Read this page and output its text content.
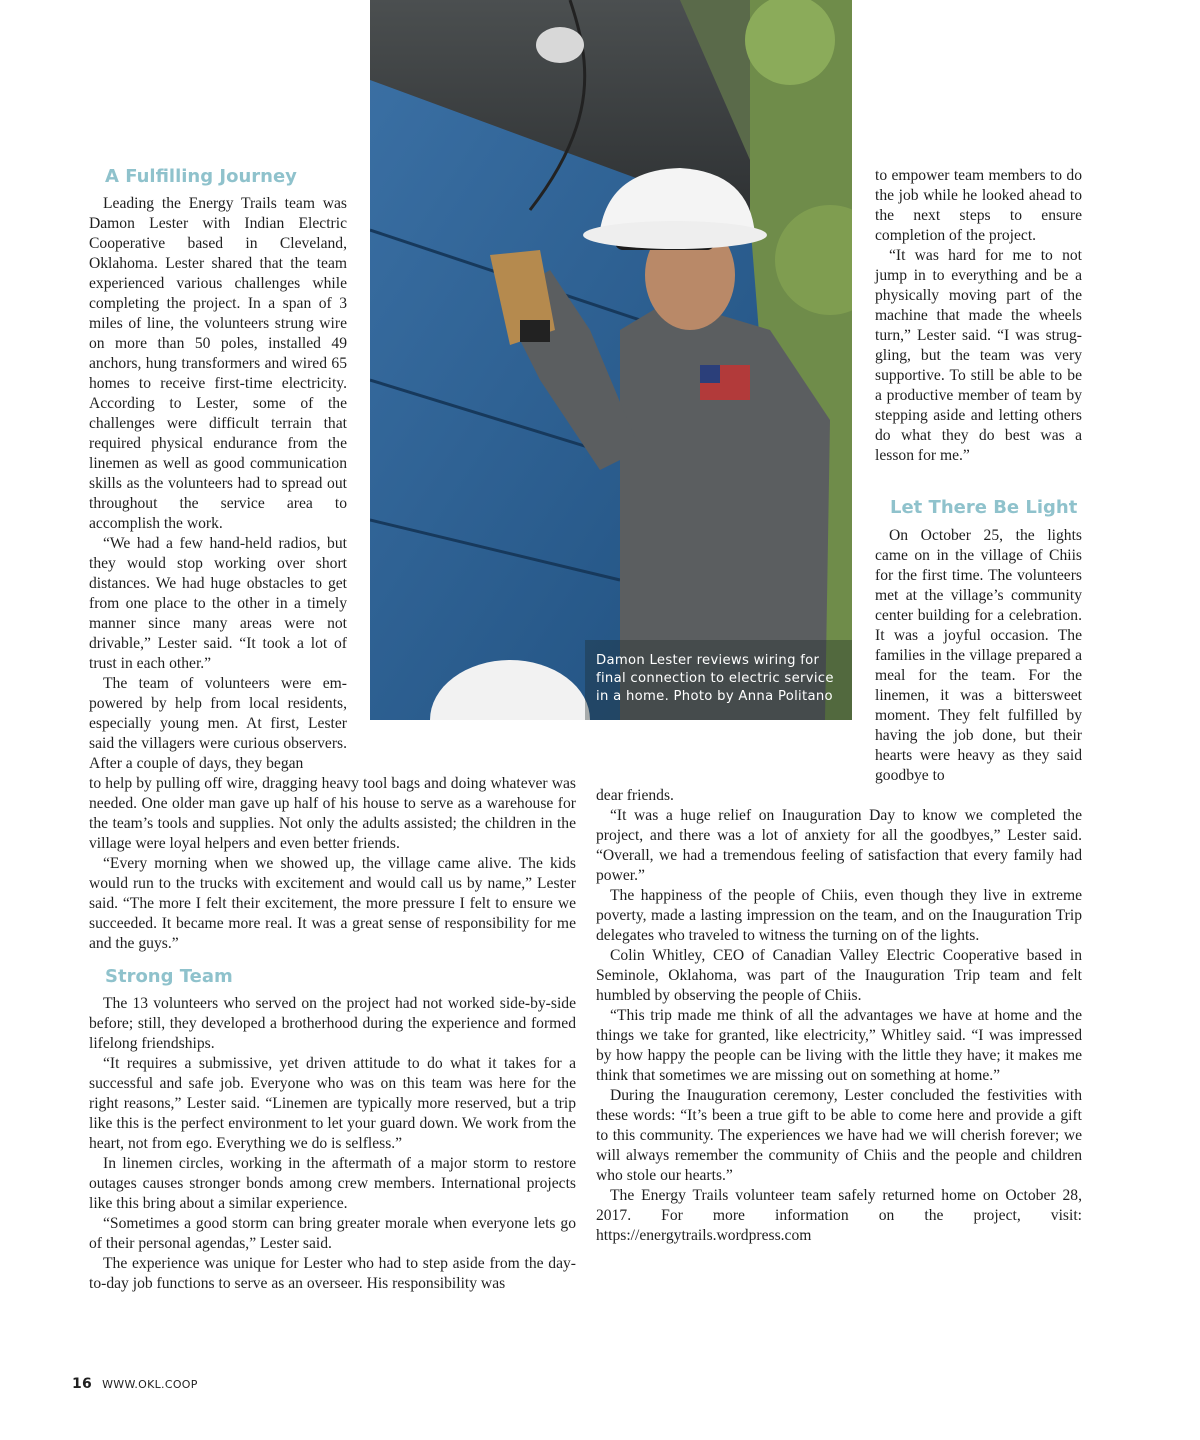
Damon Lester reviews wiring for final connection to electric service in a home. Photo by Anna Politano
A Fulfilling Journey

Leading the Energy Trails team was Damon Lester with Indian Electric Cooperative based in Cleveland, Oklahoma. Lester shared that the team experienced various challenges while completing the project. In a span of 3 miles of line, the volunteers strung wire on more than 50 poles, installed 49 anchors, hung transformers and wired 65 homes to receive first-time electricity. According to Lester, some of the challenges were difficult terrain that required physical endurance from the linemen as well as good communication skills as the volunteers had to spread out throughout the service area to accomplish the work.

“We had a few hand-held radios, but they would stop working over short distances. We had huge obstacles to get from one place to the other in a timely manner since many areas were not drivable,” Lester said. “It took a lot of trust in each other.”

The team of volunteers were empowered by help from local residents, especially young men. At first, Lester said the villagers were curious observers. After a couple of days, they began

to help by pulling off wire, dragging heavy tool bags and doing whatever was needed. One older man gave up half of his house to serve as a warehouse for the team’s tools and supplies. Not only the adults assisted; the children in the village were loyal helpers and even better friends.

“Every morning when we showed up, the village came alive. The kids would run to the trucks with excitement and would call us by name,” Lester said. “The more I felt their excitement, the more pressure I felt to ensure we succeeded. It became more real. It was a great sense of responsibility for me and the guys.”

Strong Team

The 13 volunteers who served on the project had not worked side-by-side before; still, they developed a brotherhood during the experience and formed lifelong friendships.

“It requires a submissive, yet driven attitude to do what it takes for a successful and safe job. Everyone who was on this team was here for the right reasons,” Lester said. “Linemen are typically more reserved, but a trip like this is the perfect environment to let your guard down. We work from the heart, not from ego. Everything we do is selfless.”

In linemen circles, working in the aftermath of a major storm to restore outages causes stronger bonds among crew members. International projects like this bring about a similar experience.

“Sometimes a good storm can bring greater morale when everyone lets go of their personal agendas,” Lester said.

The experience was unique for Lester who had to step aside from the day-to-day job functions to serve as an overseer. His responsibility was

to empower team members to do the job while he looked ahead to the next steps to ensure completion of the project.

“It was hard for me to not jump in to everything and be a physically moving part of the machine that made the wheels turn,” Lester said. “I was struggling, but the team was very supportive. To still be able to be a productive member of team by stepping aside and letting others do what they do best was a lesson for me.”

Let There Be Light

On October 25, the lights came on in the village of Chiis for the first time. The volunteers met at the village’s community center building for a celebration. It was a joyful occasion. The families in the village prepared a meal for the team. For the linemen, it was a bittersweet moment. They felt fulfilled by having the job done, but their hearts were heavy as they said goodbye to

dear friends.

“It was a huge relief on Inauguration Day to know we completed the project, and there was a lot of anxiety for all the goodbyes,” Lester said. “Overall, we had a tremendous feeling of satisfaction that every family had power.”

The happiness of the people of Chiis, even though they live in extreme poverty, made a lasting impression on the team, and on the Inauguration Trip delegates who traveled to witness the turning on of the lights.

Colin Whitley, CEO of Canadian Valley Electric Cooperative based in Seminole, Oklahoma, was part of the Inauguration Trip team and felt humbled by observing the people of Chiis.

“This trip made me think of all the advantages we have at home and the things we take for granted, like electricity,” Whitley said. “I was impressed by how happy the people can be living with the little they have; it makes me think that sometimes we are missing out on something at home.”

During the Inauguration ceremony, Lester concluded the festivities with these words: “It’s been a true gift to be able to come here and provide a gift to this community. The experiences we have had we will cherish forever; we will always remember the community of Chiis and the people and children who stole our hearts.”

The Energy Trails volunteer team safely returned home on October 28, 2017. For more information on the project, visit: https://energytrails.wordpress.com

16 WWW.OKL.COOP
